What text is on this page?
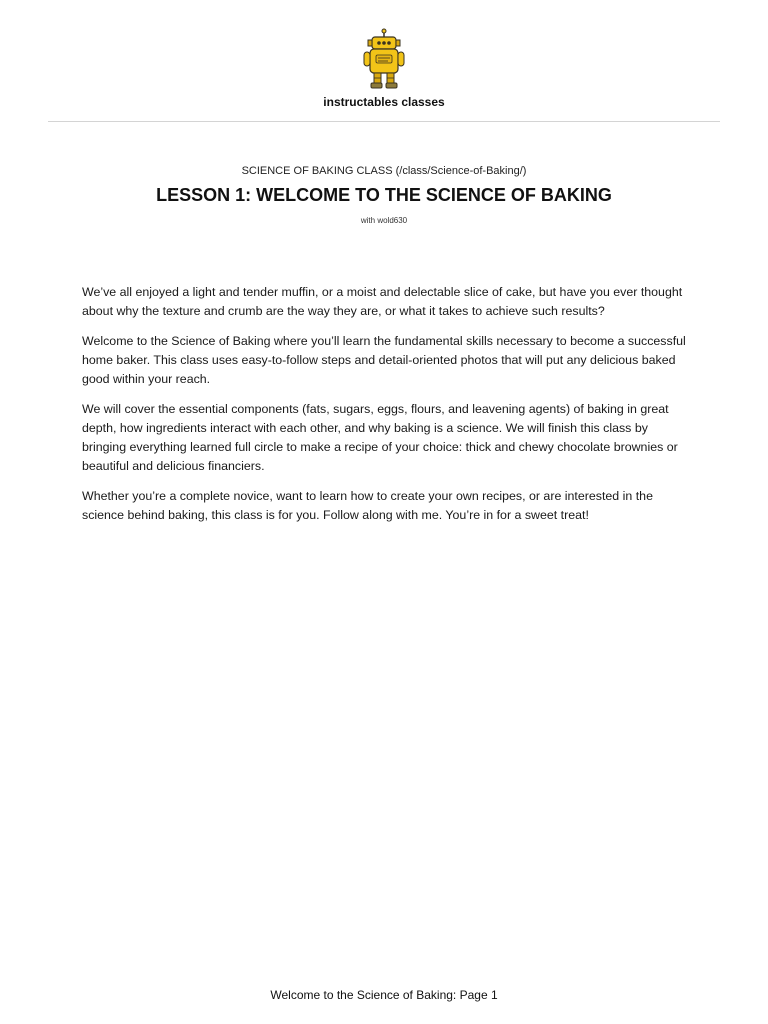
instructables classes
SCIENCE OF BAKING CLASS (/class/Science-of-Baking/)
LESSON 1: WELCOME TO THE SCIENCE OF BAKING
with wold630

We’ve all enjoyed a light and tender muffin, or a moist and delectable slice of cake, but have you ever thought about why the texture and crumb are the way they are, or what it takes to achieve such results?

Welcome to the Science of Baking where you’ll learn the fundamental skills necessary to become a successful home baker. This class uses easy-to-follow steps and detail-oriented photos that will put any delicious baked good within your reach.

We will cover the essential components (fats, sugars, eggs, flours, and leavening agents) of baking in great depth, how ingredients interact with each other, and why baking is a science. We will finish this class by bringing everything learned full circle to make a recipe of your choice: thick and chewy chocolate brownies or beautiful and delicious financiers.

Whether you’re a complete novice, want to learn how to create your own recipes, or are interested in the science behind baking, this class is for you. Follow along with me. You’re in for a sweet treat!

Welcome to the Science of Baking: Page 1
